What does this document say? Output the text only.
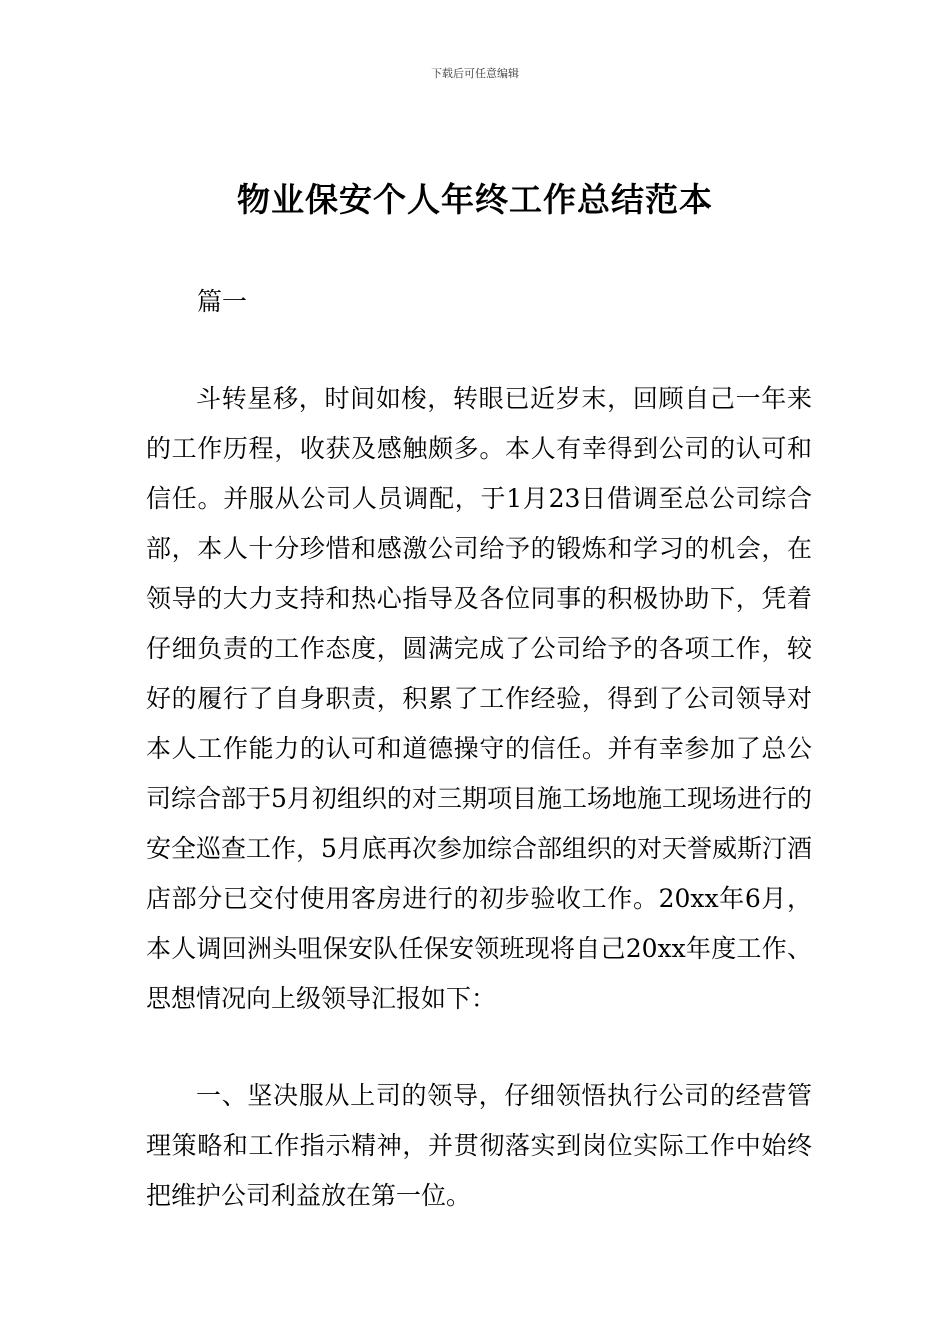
下载后可任意编辑
物业保安个人年终工作总结范本

篇一

斗转星移，时间如梭，转眼已近岁末，回顾自己一年来的工作历程，收获及感触颇多。本人有幸得到公司的认可和信任。并服从公司人员调配，于1月23日借调至总公司综合部，本人十分珍惜和感激公司给予的锻炼和学习的机会，在领导的大力支持和热心指导及各位同事的积极协助下，凭着仔细负责的工作态度，圆满完成了公司给予的各项工作，较好的履行了自身职责，积累了工作经验，得到了公司领导对本人工作能力的认可和道德操守的信任。并有幸参加了总公司综合部于5月初组织的对三期项目施工场地施工现场进行的安全巡查工作，5月底再次参加综合部组织的对天誉威斯汀酒店部分已交付使用客房进行的初步验收工作。20xx年6月，本人调回洲头咀保安队任保安领班现将自己20xx年度工作、思想情况向上级领导汇报如下：

一、坚决服从上司的领导，仔细领悟执行公司的经营管理策略和工作指示精神，并贯彻落实到岗位实际工作中始终把维护公司利益放在第一位。
